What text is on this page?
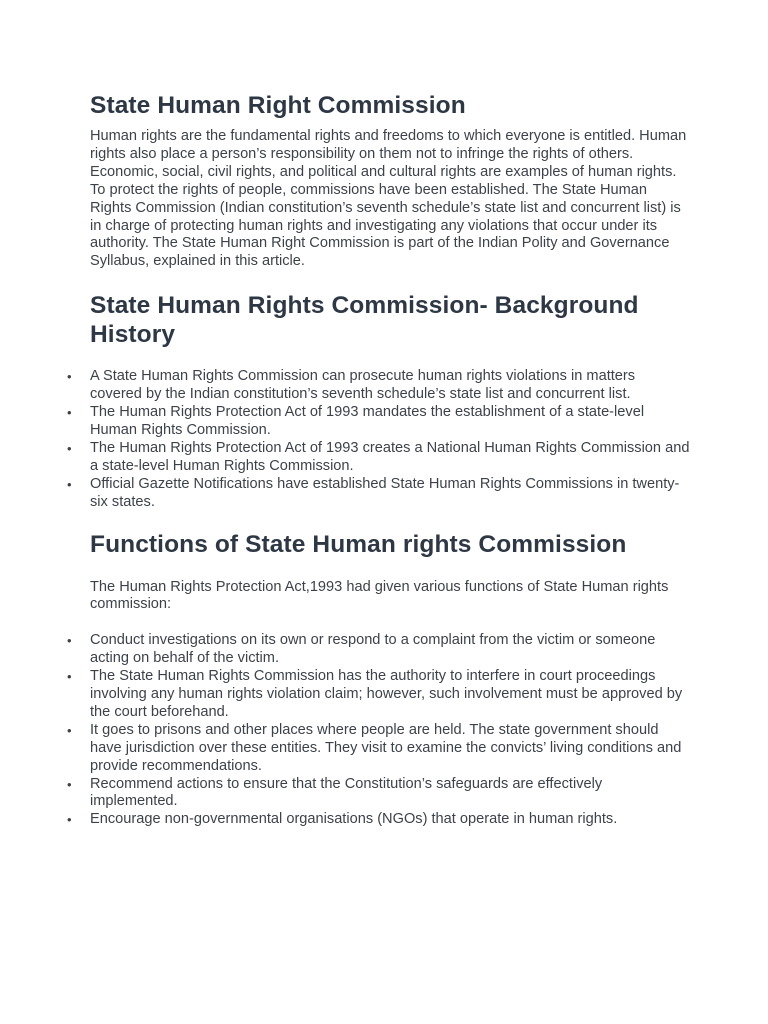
State Human Right Commission

Human rights are the fundamental rights and freedoms to which everyone is entitled. Human rights also place a person’s responsibility on them not to infringe the rights of others. Economic, social, civil rights, and political and cultural rights are examples of human rights. To protect the rights of people, commissions have been established. The State Human Rights Commission (Indian constitution’s seventh schedule’s state list and concurrent list) is in charge of protecting human rights and investigating any violations that occur under its authority. The State Human Right Commission is part of the Indian Polity and Governance Syllabus, explained in this article.

State Human Rights Commission- Background History
• A State Human Rights Commission can prosecute human rights violations in matters covered by the Indian constitution’s seventh schedule’s state list and concurrent list.
• The Human Rights Protection Act of 1993 mandates the establishment of a state-level Human Rights Commission.
• The Human Rights Protection Act of 1993 creates a National Human Rights Commission and a state-level Human Rights Commission.
• Official Gazette Notifications have established State Human Rights Commissions in twenty-six states.
Functions of State Human rights Commission

The Human Rights Protection Act,1993 had given various functions of State Human rights commission:

• Conduct investigations on its own or respond to a complaint from the victim or someone acting on behalf of the victim.
• The State Human Rights Commission has the authority to interfere in court proceedings involving any human rights violation claim; however, such involvement must be approved by the court beforehand.
• It goes to prisons and other places where people are held. The state government should have jurisdiction over these entities. They visit to examine the convicts’ living conditions and provide recommendations.
• Recommend actions to ensure that the Constitution’s safeguards are effectively implemented.
• Encourage non-governmental organisations (NGOs) that operate in human rights.
